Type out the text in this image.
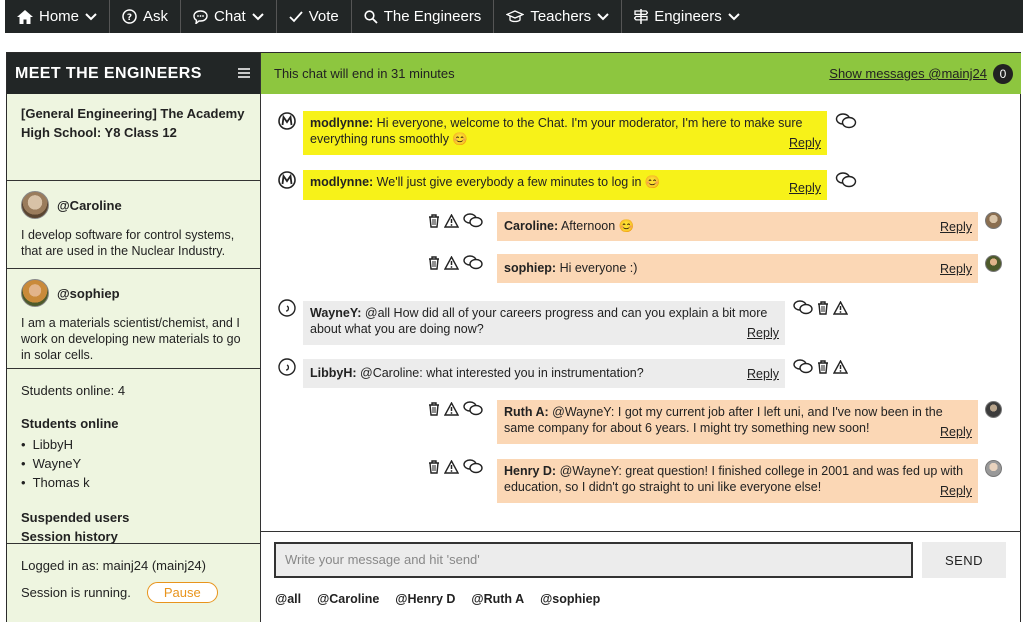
Home	? Ask	Chat	Vote	The Engineers	Teachers	Engineers
MEET THE ENGINEERS
[General Engineering] The Academy High School: Y8 Class 12
@Caroline
I develop software for control systems, that are used in the Nuclear Industry.
@sophiep
I am a materials scientist/chemist, and I work on developing new materials to go in solar cells.
Students online: 4
Students online
• LibbyH
• WayneY
• Thomas k
Suspended users
Session history
Logged in as: mainj24 (mainj24)
Session is running.	Pause
This chat will end in 31 minutes	Show messages @mainj24	0
modlynne: Hi everyone, welcome to the Chat. I'm your moderator, I'm here to make sure everything runs smoothly 😊	Reply
modlynne: We'll just give everybody a few minutes to log in 😊	Reply
Caroline: Afternoon 😊	Reply
sophiep: Hi everyone :)	Reply
WayneY: @all How did all of your careers progress and can you explain a bit more about what you are doing now?	Reply
LibbyH: @Caroline: what interested you in instrumentation?	Reply
Ruth A: @WayneY: I got my current job after I left uni, and I've now been in the same company for about 6 years. I might try something new soon!	Reply
Henry D: @WayneY: great question! I finished college in 2001 and was fed up with education, so I didn't go straight to uni like everyone else!	Reply
Write your message and hit 'send'	SEND
@all @Caroline @Henry D @Ruth A @sophiep
